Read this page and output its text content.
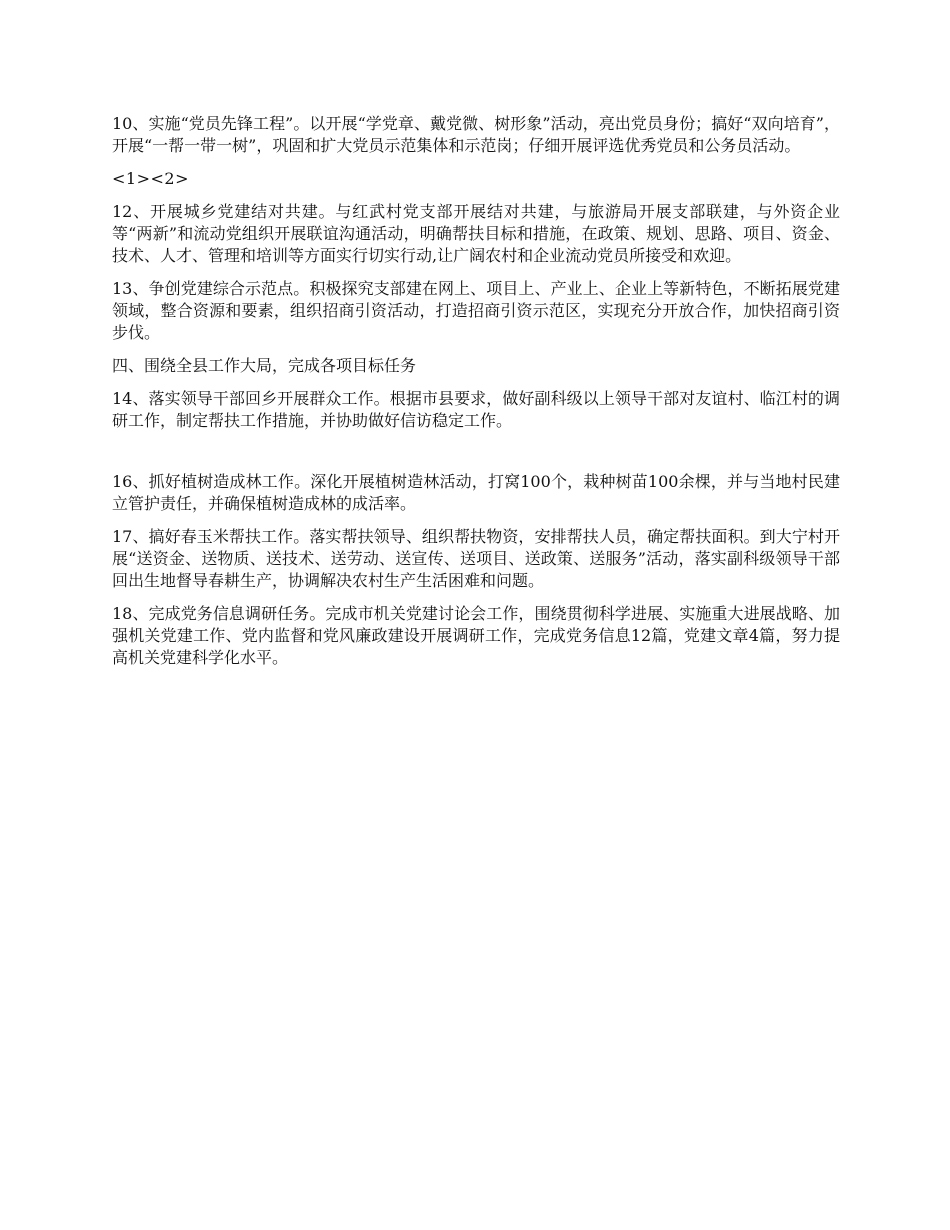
10、实施“党员先锋工程”。以开展“学党章、戴党微、树形象”活动，亮出党员身份；搞好“双向培育”，开展“一帮一带一树”，巩固和扩大党员示范集体和示范岗；仔细开展评选优秀党员和公务员活动。

<1><2>

12、开展城乡党建结对共建。与红武村党支部开展结对共建，与旅游局开展支部联建，与外资企业等“两新”和流动党组织开展联谊沟通活动，明确帮扶目标和措施，在政策、规划、思路、项目、资金、技术、人才、管理和培训等方面实行切实行动,让广阔农村和企业流动党员所接受和欢迎。

13、争创党建综合示范点。积极探究支部建在网上、项目上、产业上、企业上等新特色，不断拓展党建领域，整合资源和要素，组织招商引资活动，打造招商引资示范区，实现充分开放合作，加快招商引资步伐。

四、围绕全县工作大局，完成各项目标任务

14、落实领导干部回乡开展群众工作。根据市县要求，做好副科级以上领导干部对友谊村、临江村的调研工作，制定帮扶工作措施，并协助做好信访稳定工作。

16、抓好植树造成林工作。深化开展植树造林活动，打窝100个，栽种树苗100余棵，并与当地村民建立管护责任，并确保植树造成林的成活率。

17、搞好春玉米帮扶工作。落实帮扶领导、组织帮扶物资，安排帮扶人员，确定帮扶面积。到大宁村开展“送资金、送物质、送技术、送劳动、送宣传、送项目、送政策、送服务”活动，落实副科级领导干部回出生地督导春耕生产，协调解决农村生产生活困难和问题。

18、完成党务信息调研任务。完成市机关党建讨论会工作，围绕贯彻科学进展、实施重大进展战略、加强机关党建工作、党内监督和党风廉政建设开展调研工作，完成党务信息12篇，党建文章4篇，努力提高机关党建科学化水平。
